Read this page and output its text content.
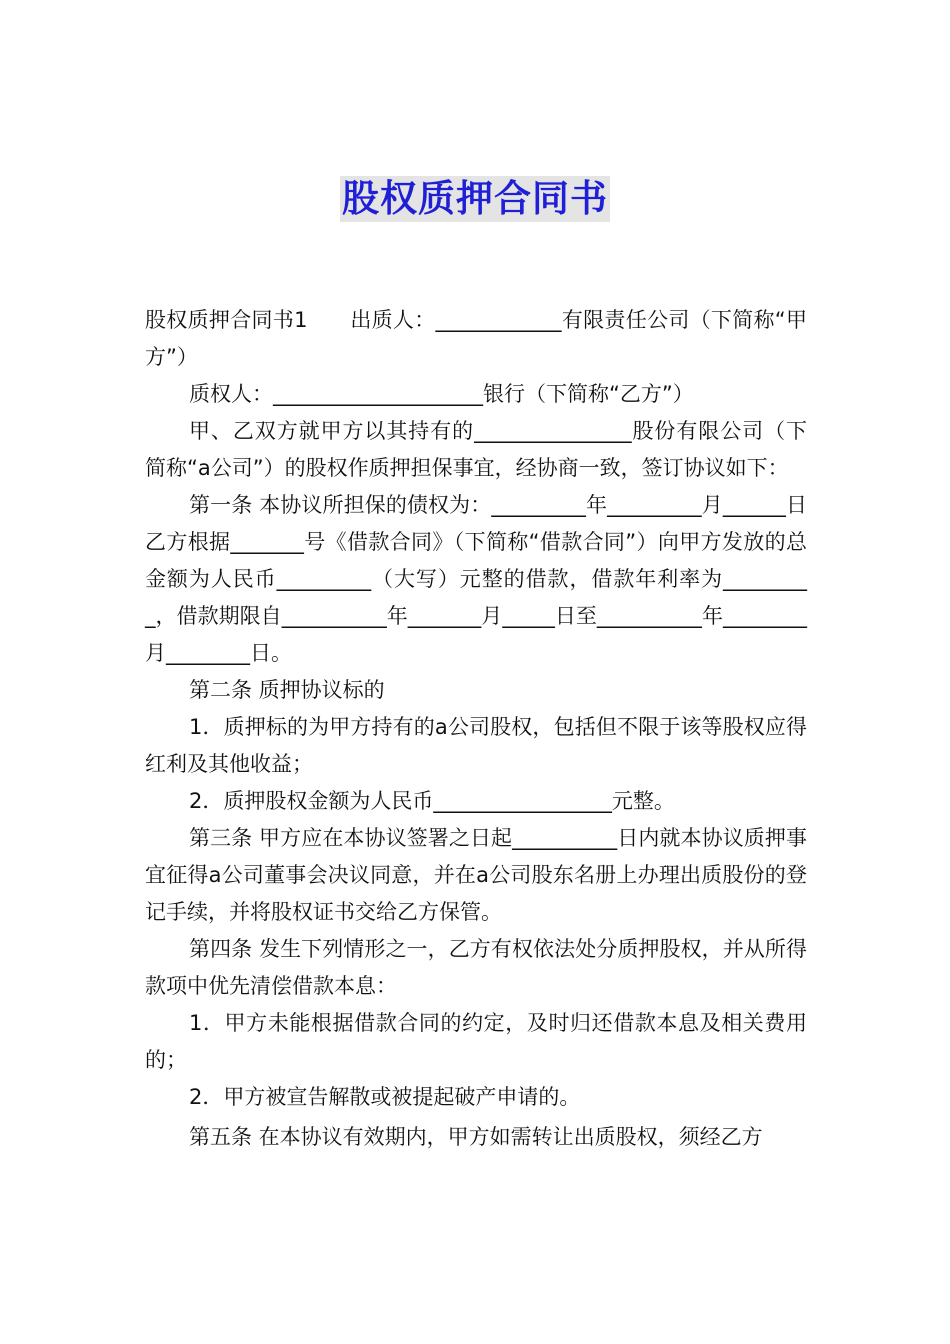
股权质押合同书

股权质押合同书1　　出质人：____________有限责任公司（下简称“甲方”）

质权人：____________________银行（下简称“乙方”）

甲、乙双方就甲方以其持有的_______________股份有限公司（下简称“a公司”）的股权作质押担保事宜，经协商一致，签订协议如下：

第一条 本协议所担保的债权为：_________年_________月______日乙方根据_______号《借款合同》（下简称“借款合同”）向甲方发放的总金额为人民币_________（大写）元整的借款，借款年利率为_________，借款期限自__________年_______月_____日至__________年________月________日。

第二条 质押协议标的

1．质押标的为甲方持有的a公司股权，包括但不限于该等股权应得红利及其他收益；

2．质押股权金额为人民币_________________元整。

第三条 甲方应在本协议签署之日起__________日内就本协议质押事宜征得a公司董事会决议同意，并在a公司股东名册上办理出质股份的登记手续，并将股权证书交给乙方保管。

第四条 发生下列情形之一，乙方有权依法处分质押股权，并从所得款项中优先清偿借款本息：

1．甲方未能根据借款合同的约定，及时归还借款本息及相关费用的；

2．甲方被宣告解散或被提起破产申请的。

第五条 在本协议有效期内，甲方如需转让出质股权，须经乙方
